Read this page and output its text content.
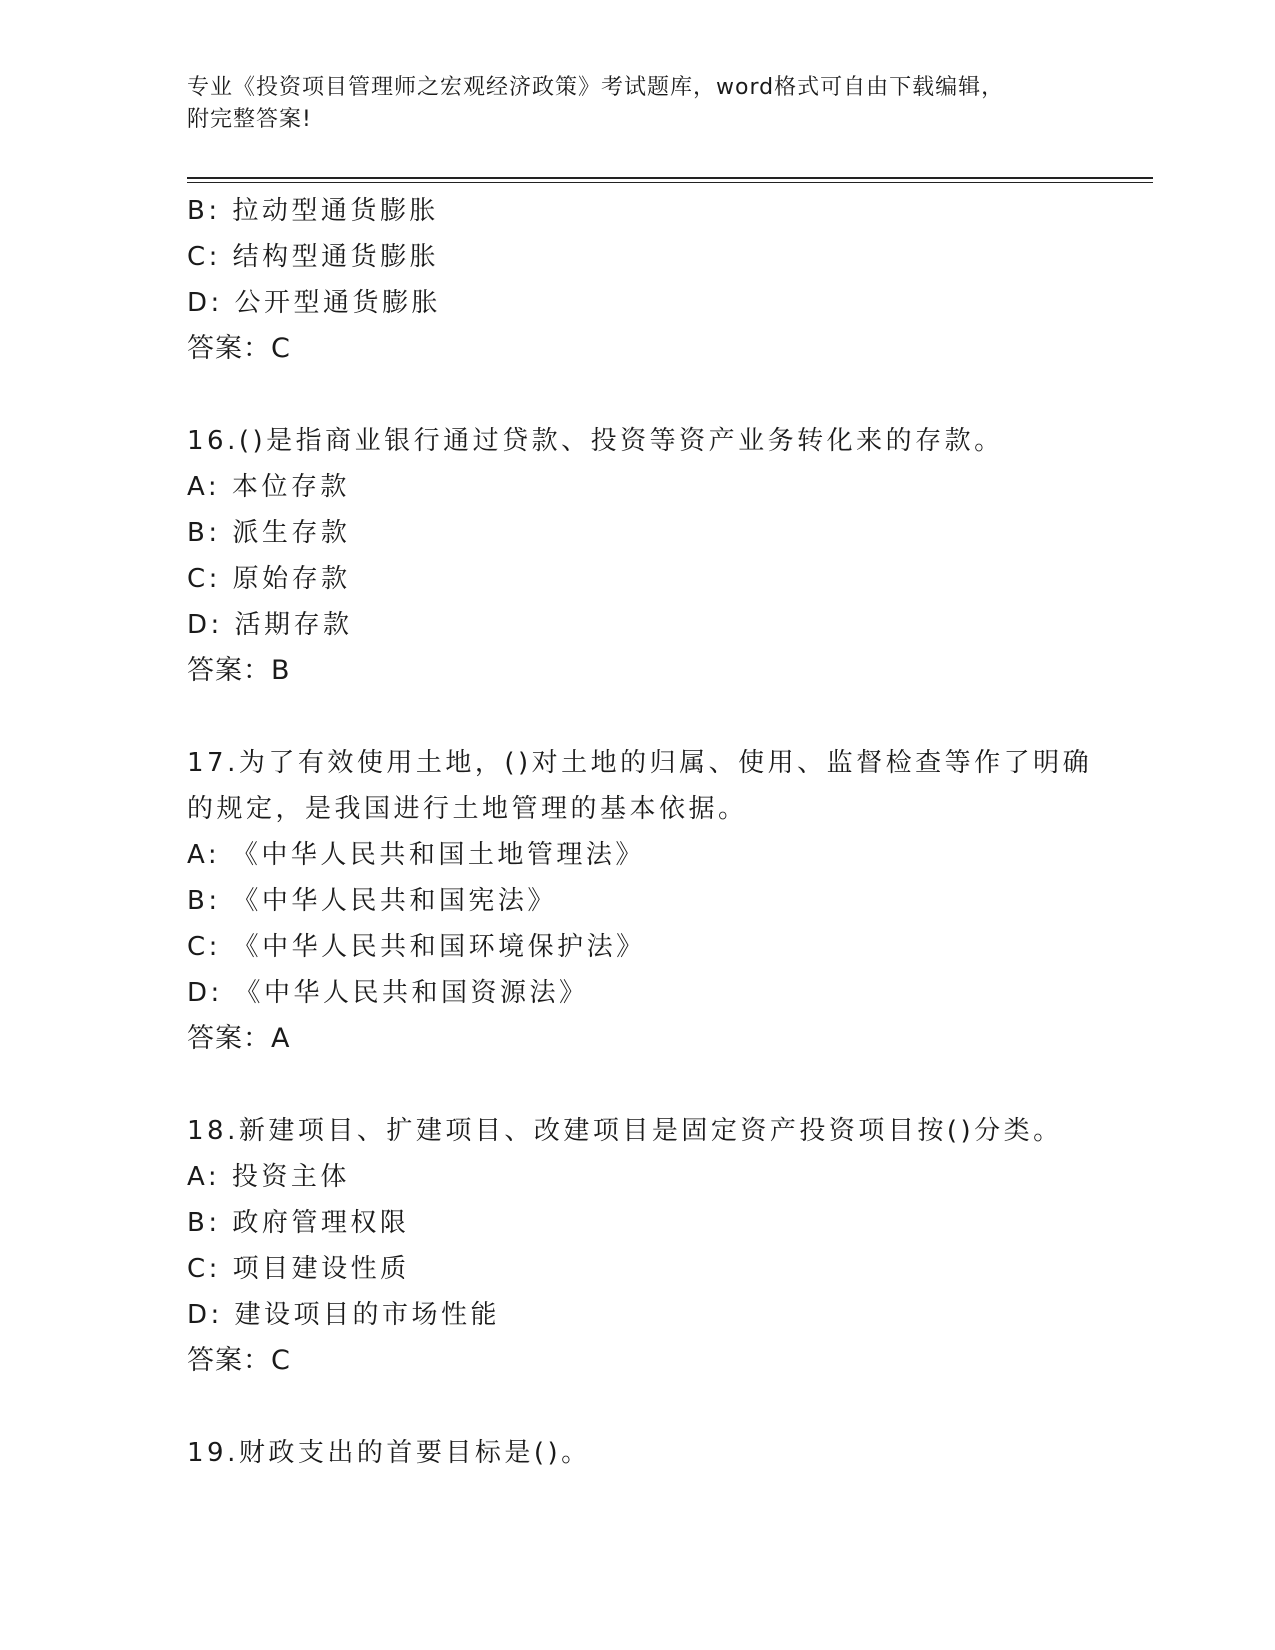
专业《投资项目管理师之宏观经济政策》考试题库，word格式可自由下载编辑，
附完整答案!
B: 拉动型通货膨胀
C: 结构型通货膨胀
D: 公开型通货膨胀
答案：C
16.()是指商业银行通过贷款、投资等资产业务转化来的存款。
A: 本位存款
B: 派生存款
C: 原始存款
D: 活期存款
答案：B
17.为了有效使用土地，()对土地的归属、使用、监督检查等作了明确
的规定，是我国进行土地管理的基本依据。
A: 《中华人民共和国土地管理法》
B: 《中华人民共和国宪法》
C: 《中华人民共和国环境保护法》
D: 《中华人民共和国资源法》
答案：A
18.新建项目、扩建项目、改建项目是固定资产投资项目按()分类。
A: 投资主体
B: 政府管理权限
C: 项目建设性质
D: 建设项目的市场性能
答案：C
19.财政支出的首要目标是()。
